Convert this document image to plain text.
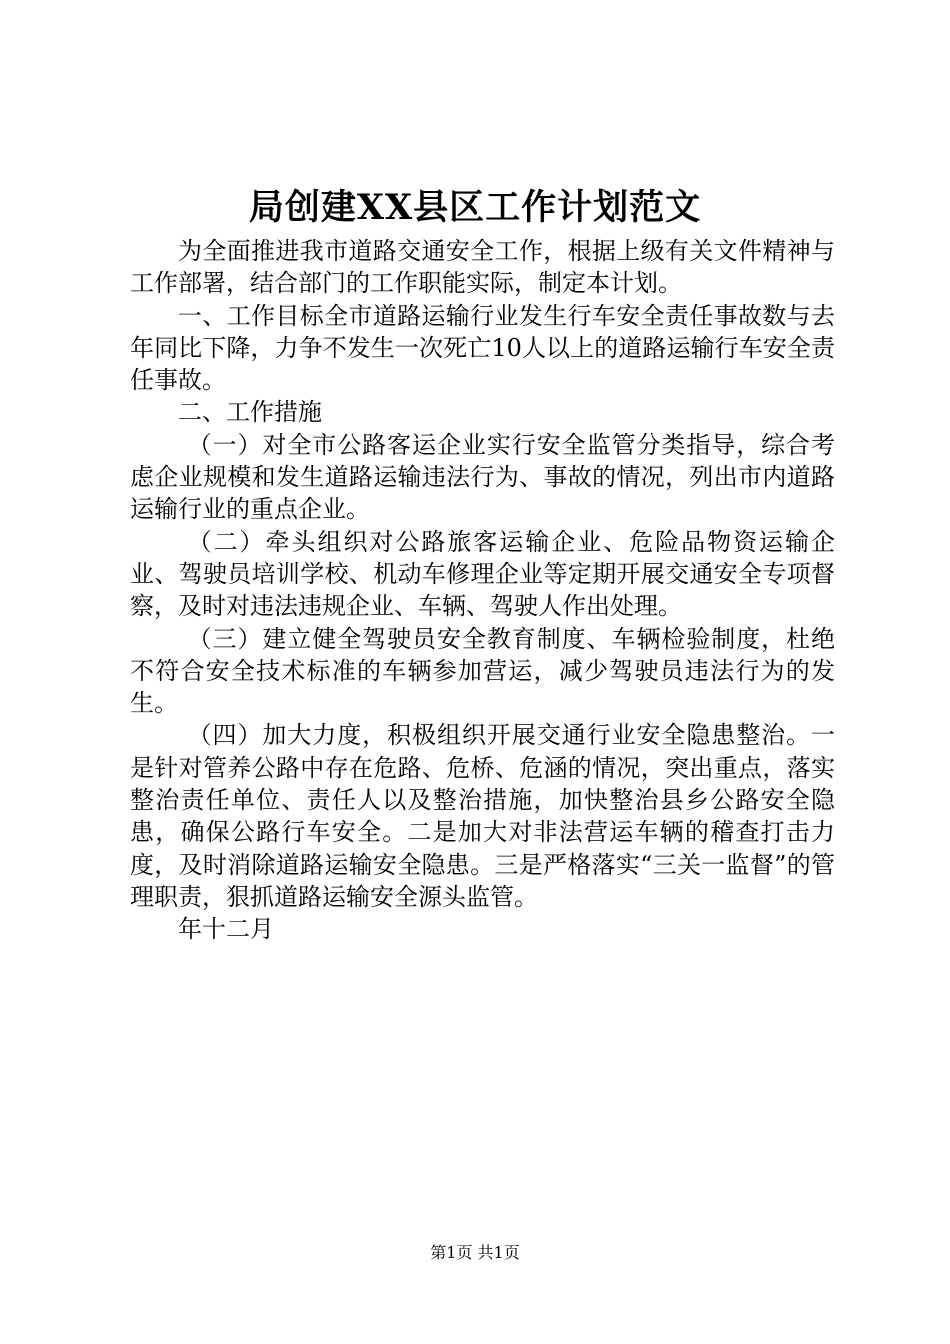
局创建XX县区工作计划范文

为全面推进我市道路交通安全工作，根据上级有关文件精神与工作部署，结合部门的工作职能实际，制定本计划。

一、工作目标全市道路运输行业发生行车安全责任事故数与去年同比下降，力争不发生一次死亡10人以上的道路运输行车安全责任事故。

二、工作措施

（一）对全市公路客运企业实行安全监管分类指导，综合考虑企业规模和发生道路运输违法行为、事故的情况，列出市内道路运输行业的重点企业。

（二）牵头组织对公路旅客运输企业、危险品物资运输企业、驾驶员培训学校、机动车修理企业等定期开展交通安全专项督察，及时对违法违规企业、车辆、驾驶人作出处理。

（三）建立健全驾驶员安全教育制度、车辆检验制度，杜绝不符合安全技术标准的车辆参加营运，减少驾驶员违法行为的发生。

（四）加大力度，积极组织开展交通行业安全隐患整治。一是针对管养公路中存在危路、危桥、危涵的情况，突出重点，落实整治责任单位、责任人以及整治措施，加快整治县乡公路安全隐患，确保公路行车安全。二是加大对非法营运车辆的稽查打击力度，及时消除道路运输安全隐患。三是严格落实“三关一监督”的管理职责，狠抓道路运输安全源头监管。

年十二月

第1页 共1页
